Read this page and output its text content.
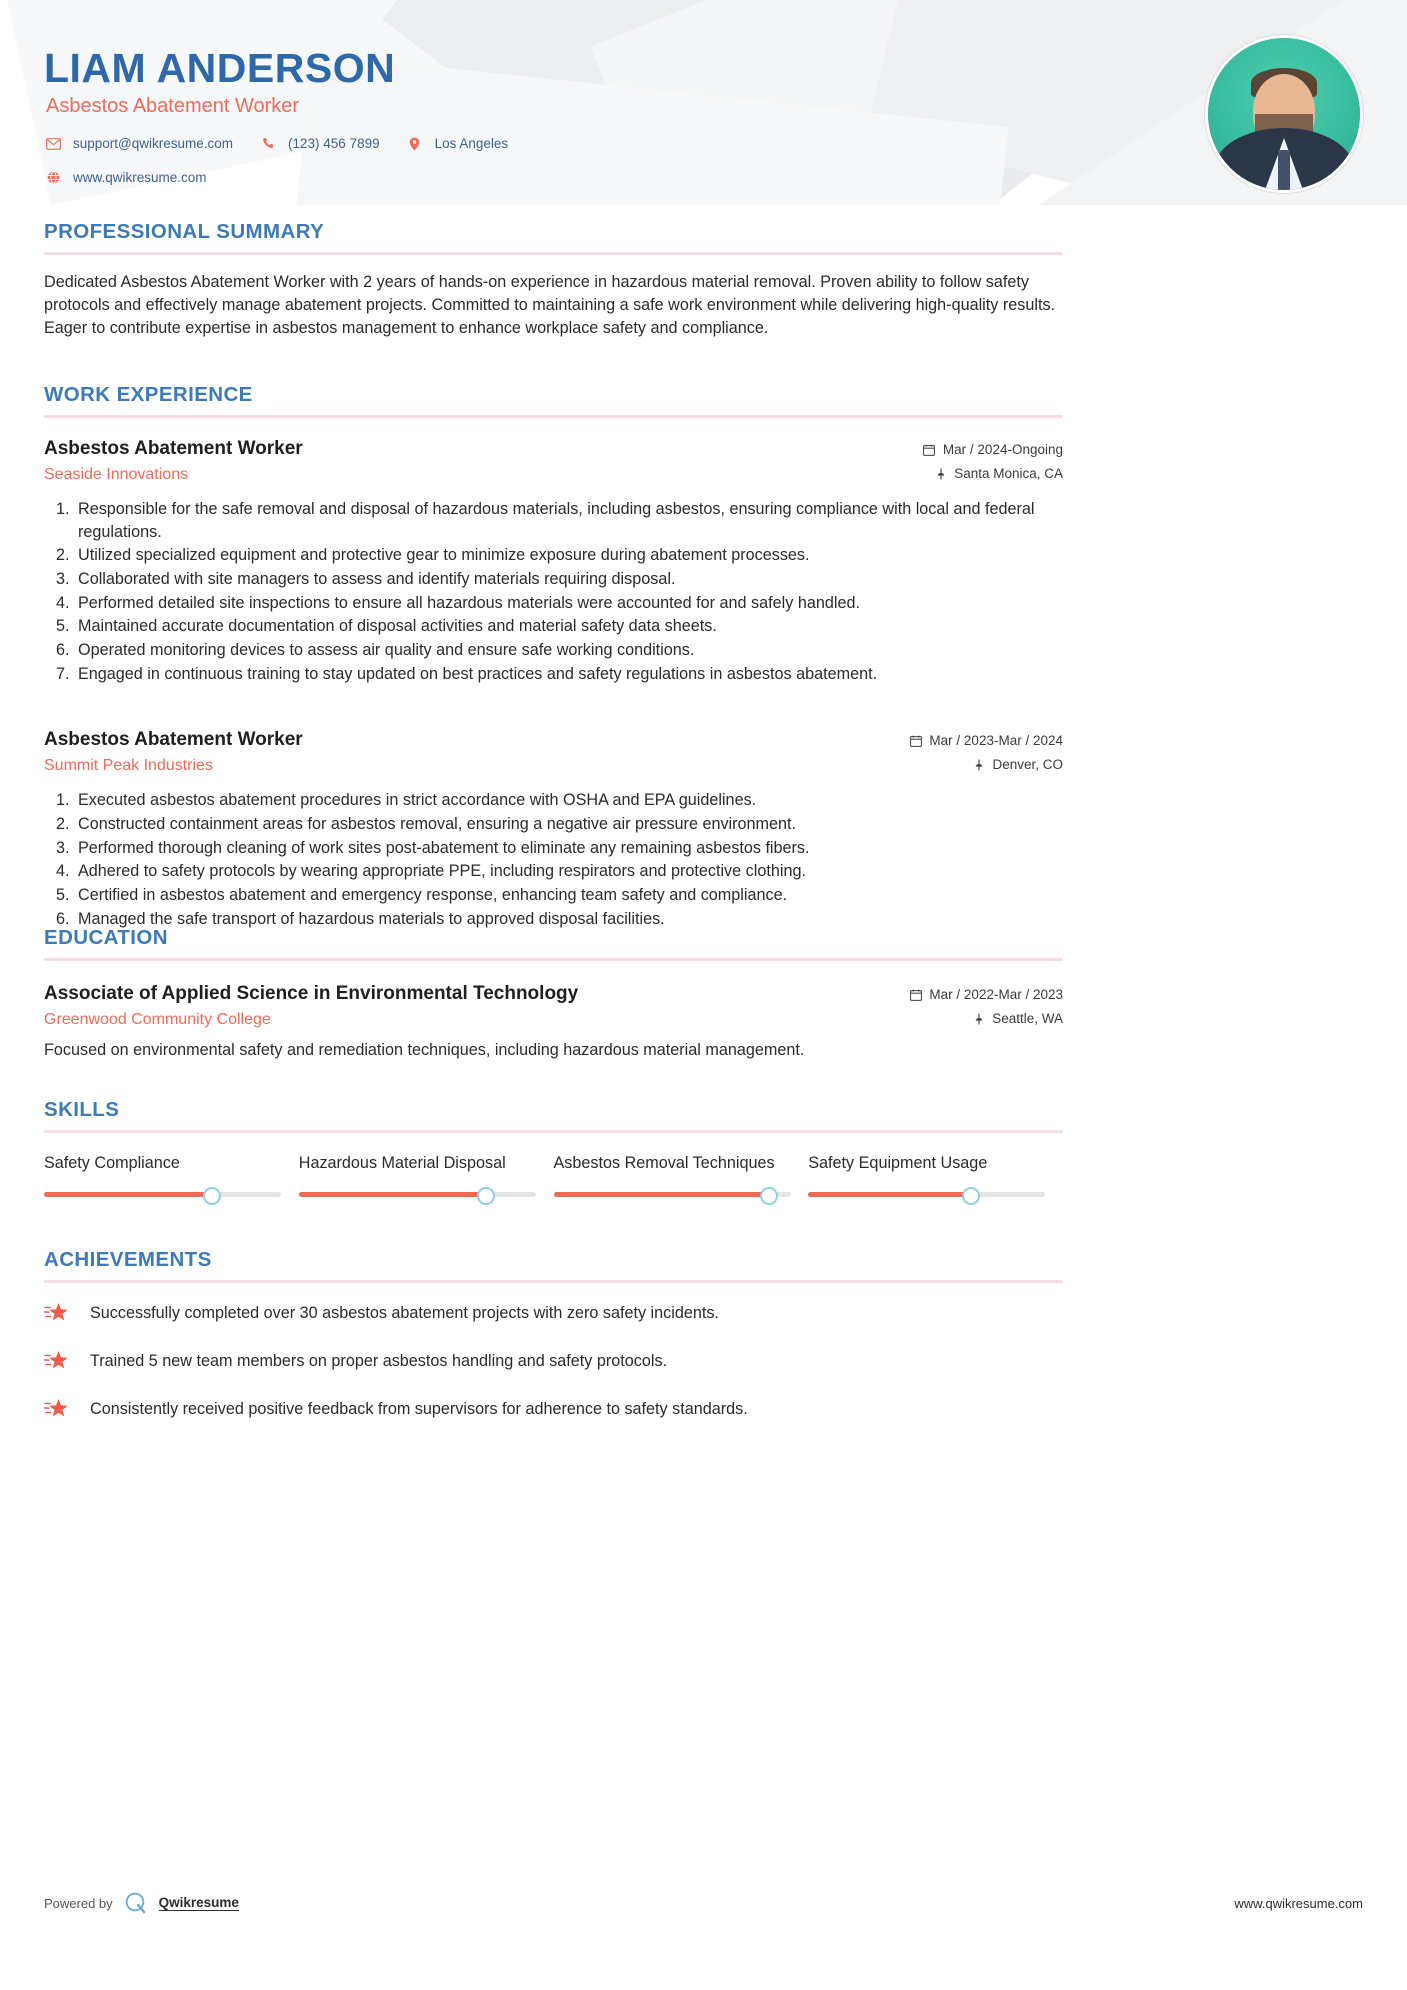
LIAM ANDERSON
Asbestos Abatement Worker
support@qwikresume.com	(123) 456 7899	Los Angeles
www.qwikresume.com
PROFESSIONAL SUMMARY
Dedicated Asbestos Abatement Worker with 2 years of hands-on experience in hazardous material removal. Proven ability to follow safety protocols and effectively manage abatement projects. Committed to maintaining a safe work environment while delivering high-quality results. Eager to contribute expertise in asbestos management to enhance workplace safety and compliance.
WORK EXPERIENCE
Asbestos Abatement Worker
Seaside Innovations
Mar / 2024-Ongoing
Santa Monica, CA
1. Responsible for the safe removal and disposal of hazardous materials, including asbestos, ensuring compliance with local and federal regulations.
2. Utilized specialized equipment and protective gear to minimize exposure during abatement processes.
3. Collaborated with site managers to assess and identify materials requiring disposal.
4. Performed detailed site inspections to ensure all hazardous materials were accounted for and safely handled.
5. Maintained accurate documentation of disposal activities and material safety data sheets.
6. Operated monitoring devices to assess air quality and ensure safe working conditions.
7. Engaged in continuous training to stay updated on best practices and safety regulations in asbestos abatement.
Asbestos Abatement Worker
Summit Peak Industries
Mar / 2023-Mar / 2024
Denver, CO
1. Executed asbestos abatement procedures in strict accordance with OSHA and EPA guidelines.
2. Constructed containment areas for asbestos removal, ensuring a negative air pressure environment.
3. Performed thorough cleaning of work sites post-abatement to eliminate any remaining asbestos fibers.
4. Adhered to safety protocols by wearing appropriate PPE, including respirators and protective clothing.
5. Certified in asbestos abatement and emergency response, enhancing team safety and compliance.
6. Managed the safe transport of hazardous materials to approved disposal facilities.
EDUCATION
Associate of Applied Science in Environmental Technology
Greenwood Community College
Mar / 2022-Mar / 2023
Seattle, WA
Focused on environmental safety and remediation techniques, including hazardous material management.
SKILLS
Safety Compliance	Hazardous Material Disposal	Asbestos Removal Techniques	Safety Equipment Usage
ACHIEVEMENTS
Successfully completed over 30 asbestos abatement projects with zero safety incidents.
Trained 5 new team members on proper asbestos handling and safety protocols.
Consistently received positive feedback from supervisors for adherence to safety standards.
Powered by	Qwikresume	www.qwikresume.com
